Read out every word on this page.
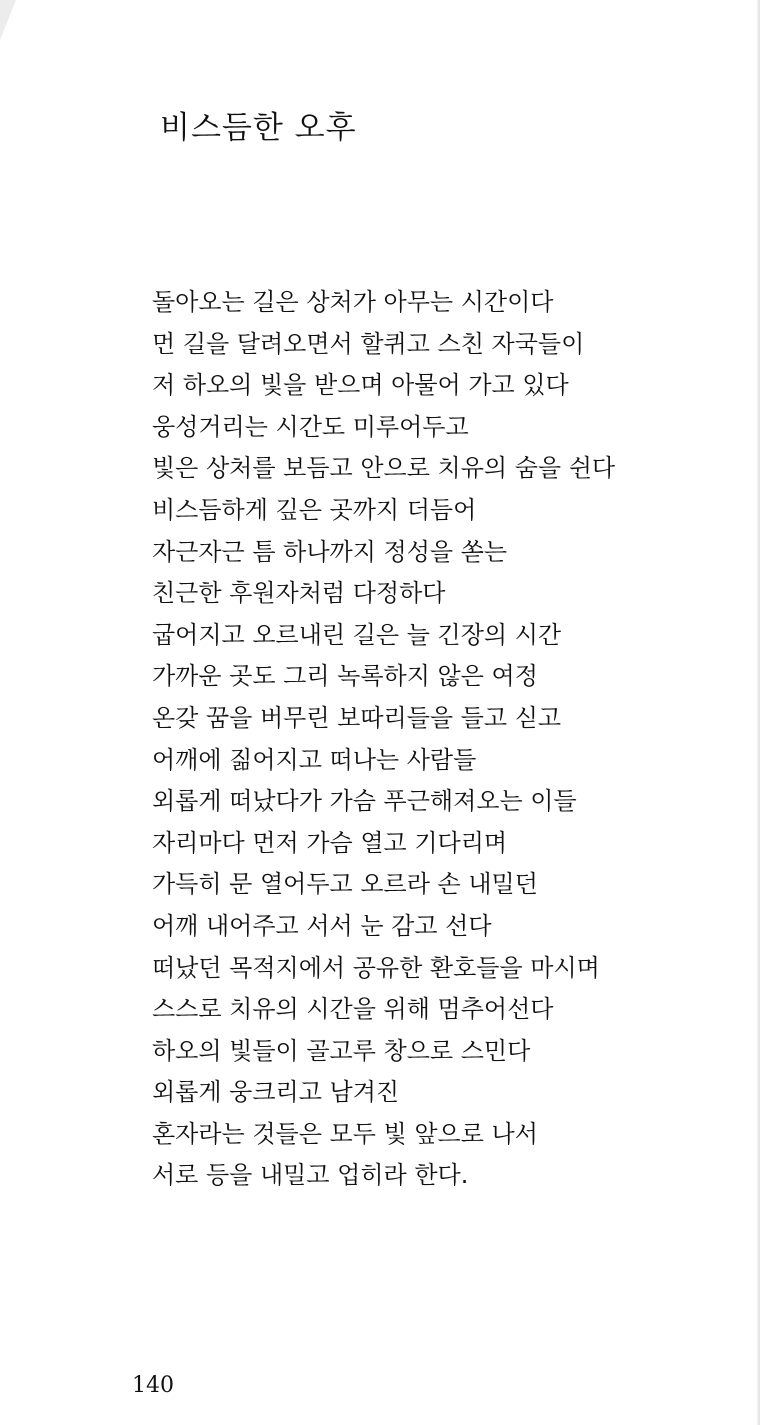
비스듬한 오후
돌아오는 길은 상처가 아무는 시간이다
먼 길을 달려오면서 할퀴고 스친 자국들이
저 하오의 빛을 받으며 아물어 가고 있다
웅성거리는 시간도 미루어두고
빛은 상처를 보듬고 안으로 치유의 숨을 쉰다
비스듬하게 깊은 곳까지 더듬어
자근자근 틈 하나까지 정성을 쏟는
친근한 후원자처럼 다정하다
굽어지고 오르내린 길은 늘 긴장의 시간
가까운 곳도 그리 녹록하지 않은 여정
온갖 꿈을 버무린 보따리들을 들고 싣고
어깨에 짊어지고 떠나는 사람들
외롭게 떠났다가 가슴 푸근해져오는 이들
자리마다 먼저 가슴 열고 기다리며
가득히 문 열어두고 오르라 손 내밀던
어깨 내어주고 서서 눈 감고 선다
떠났던 목적지에서 공유한 환호들을 마시며
스스로 치유의 시간을 위해 멈추어선다
하오의 빛들이 골고루 창으로 스민다
외롭게 웅크리고 남겨진
혼자라는 것들은 모두 빛 앞으로 나서
서로 등을 내밀고 업히라 한다.
140
